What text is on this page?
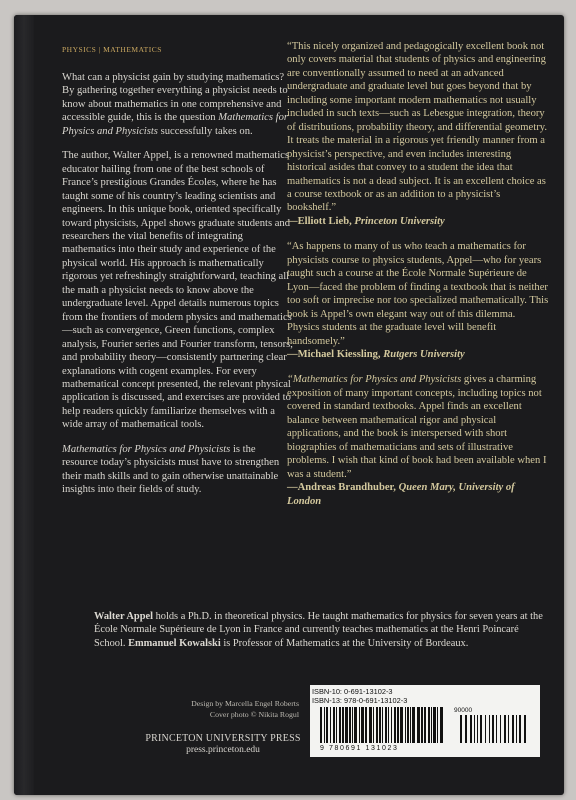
PHYSICS | MATHEMATICS

What can a physicist gain by studying mathematics? By gathering together everything a physicist needs to know about mathematics in one comprehensive and accessible guide, this is the question Mathematics for Physics and Physicists successfully takes on.

The author, Walter Appel, is a renowned mathematics educator hailing from one of the best schools of France’s prestigious Grandes Écoles, where he has taught some of his country’s leading scientists and engineers. In this unique book, oriented specifically toward physicists, Appel shows graduate students and researchers the vital benefits of integrating mathematics into their study and experience of the physical world. His approach is mathematically rigorous yet refreshingly straightforward, teaching all the math a physicist needs to know above the undergraduate level. Appel details numerous topics from the frontiers of modern physics and mathematics—such as convergence, Green functions, complex analysis, Fourier series and Fourier transform, tensors, and probability theory—consistently partnering clear explanations with cogent examples. For every mathematical concept presented, the relevant physical application is discussed, and exercises are provided to help readers quickly familiarize themselves with a wide array of mathematical tools.

Mathematics for Physics and Physicists is the resource today’s physicists must have to strengthen their math skills and to gain otherwise unattainable insights into their fields of study.

“This nicely organized and pedagogically excellent book not only covers material that students of physics and engineering are conventionally assumed to need at an advanced undergraduate and graduate level but goes beyond that by including some important modern mathematics not usually included in such texts—such as Lebesgue integration, theory of distributions, probability theory, and differential geometry. It treats the material in a rigorous yet friendly manner from a physicist’s perspective, and even includes interesting historical asides that convey to a student the idea that mathematics is not a dead subject. It is an excellent choice as a course textbook or as an addition to a physicist’s bookshelf.”
—Elliott Lieb, Princeton University
“As happens to many of us who teach a mathematics for physicists course to physics students, Appel—who for years taught such a course at the École Normale Supérieure de Lyon—faced the problem of finding a textbook that is neither too soft or imprecise nor too specialized mathematically. This book is Appel’s own elegant way out of this dilemma. Physics students at the graduate level will benefit handsomely.”
—Michael Kiessling, Rutgers University
“Mathematics for Physics and Physicists gives a charming exposition of many important concepts, including topics not covered in standard textbooks. Appel finds an excellent balance between mathematical rigor and physical applications, and the book is interspersed with short biographies of mathematicians and sets of illustrative problems. I wish that kind of book had been available when I was a student.”
—Andreas Brandhuber, Queen Mary, University of London
Walter Appel holds a Ph.D. in theoretical physics. He taught mathematics for physics for seven years at the École Normale Supérieure de Lyon in France and currently teaches mathematics at the Henri Poincaré School. Emmanuel Kowalski is Professor of Mathematics at the University of Bordeaux.
Design by Marcella Engel Roberts
Cover photo © Nikita Rogul
PRINCETON UNIVERSITY PRESS
press.princeton.edu
ISBN-10: 0-691-13102-3
ISBN-13: 978-0-691-13102-3
90000
9 780691 131023
